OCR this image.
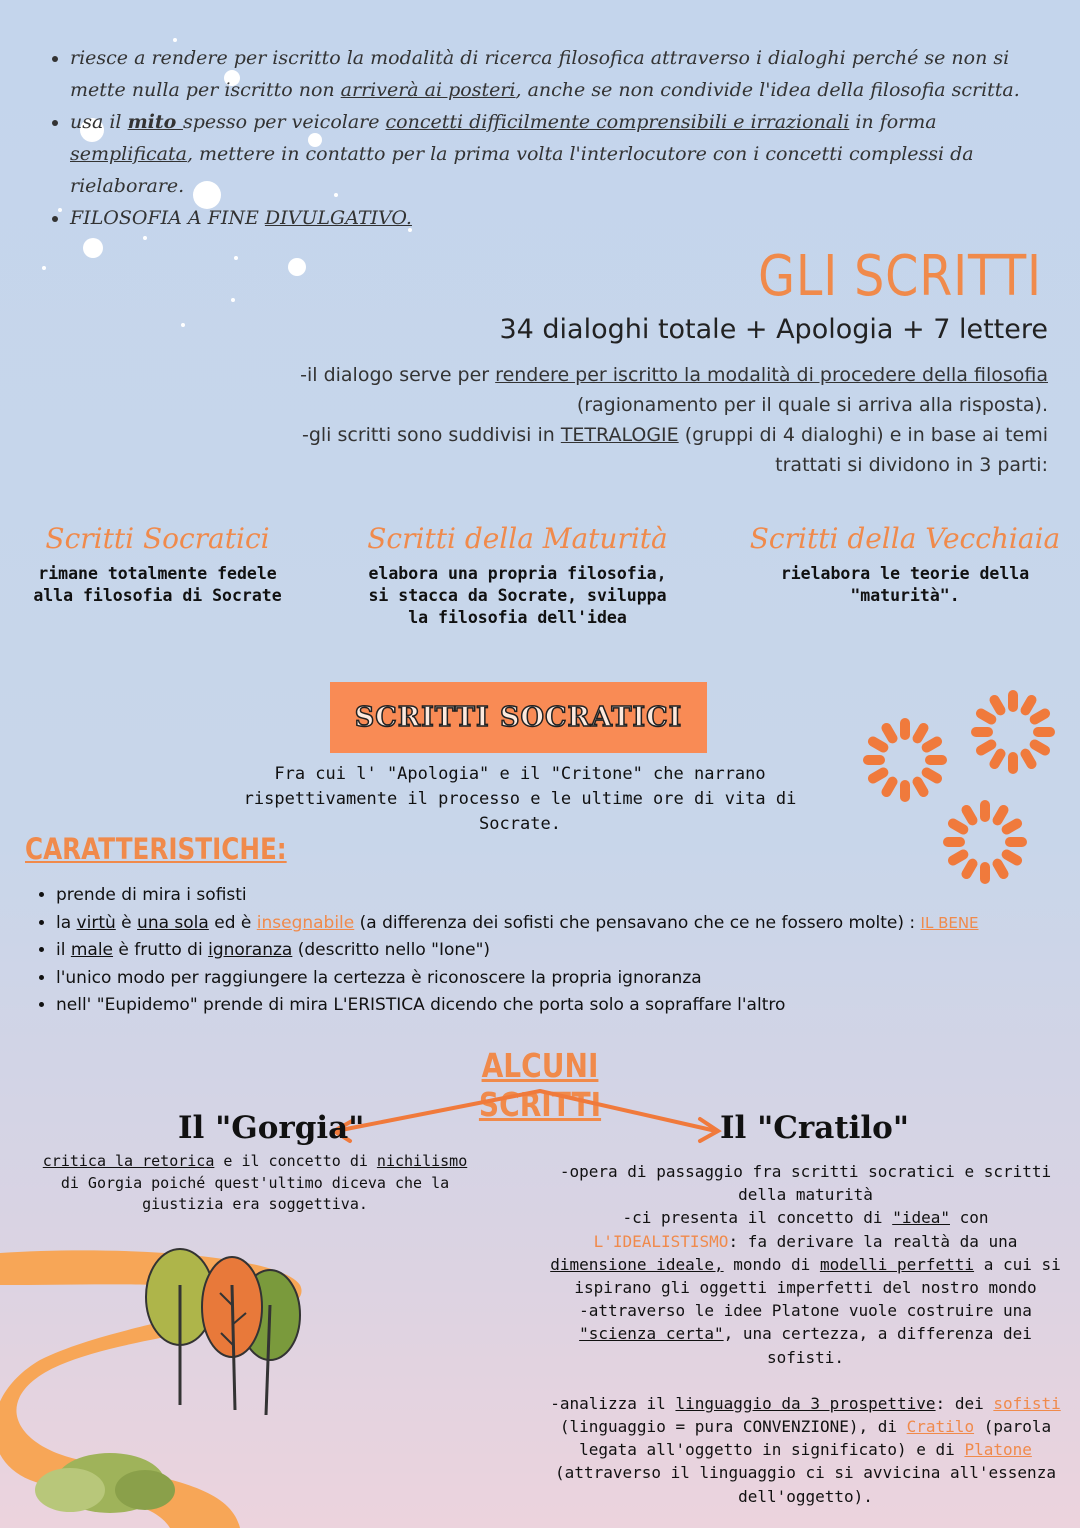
• riesce a rendere per iscritto la modalità di ricerca filosofica attraverso i dialoghi perché se non si mette nulla per iscritto non arriverà ai posteri, anche se non condivide l'idea della filosofia scritta.
• usa il mito spesso per veicolare concetti difficilmente comprensibili e irrazionali in forma semplificata, mettere in contatto per la prima volta l'interlocutore con i concetti complessi da rielaborare.
• FILOSOFIA A FINE DIVULGATIVO.
GLI SCRITTI
34 dialoghi totale + Apologia + 7 lettere
-il dialogo serve per rendere per iscritto la modalità di procedere della filosofia (ragionamento per il quale si arriva alla risposta).
-gli scritti sono suddivisi in TETRALOGIE (gruppi di 4 dialoghi) e in base ai temi trattati si dividono in 3 parti:
Scritti Socratici
rimane totalmente fedele alla filosofia di Socrate
Scritti della Maturità
elabora una propria filosofia, si stacca da Socrate, sviluppa la filosofia dell'idea
Scritti della Vecchiaia
rielabora le teorie della "maturità".
SCRITTI SOCRATICI
Fra cui l' "Apologia" e il "Critone" che narrano rispettivamente il processo e le ultime ore di vita di Socrate.
CARATTERISTICHE:
• prende di mira i sofisti
• la virtù è una sola ed è insegnabile (a differenza dei sofisti che pensavano che ce ne fossero molte) : IL BENE
• il male è frutto di ignoranza (descritto nello "Ione")
• l'unico modo per raggiungere la certezza è riconoscere la propria ignoranza
• nell' "Eupidemo" prende di mira L'ERISTICA dicendo che porta solo a sopraffare l'altro
ALCUNI SCRITTI
Il "Gorgia"
critica la retorica e il concetto di nichilismo di Gorgia poiché quest'ultimo diceva che la giustizia era soggettiva.
Il "Cratilo"
-opera di passaggio fra scritti socratici e scritti della maturità
-ci presenta il concetto di "idea" con L'IDEALISTISMO: fa derivare la realtà da una dimensione ideale, mondo di modelli perfetti a cui si ispirano gli oggetti imperfetti del nostro mondo
-attraverso le idee Platone vuole costruire una "scienza certa", una certezza, a differenza dei sofisti.
-analizza il linguaggio da 3 prospettive: dei sofisti (linguaggio = pura CONVENZIONE), di Cratilo (parola legata all'oggetto in significato) e di Platone (attraverso il linguaggio ci si avvicina all'essenza dell'oggetto).
